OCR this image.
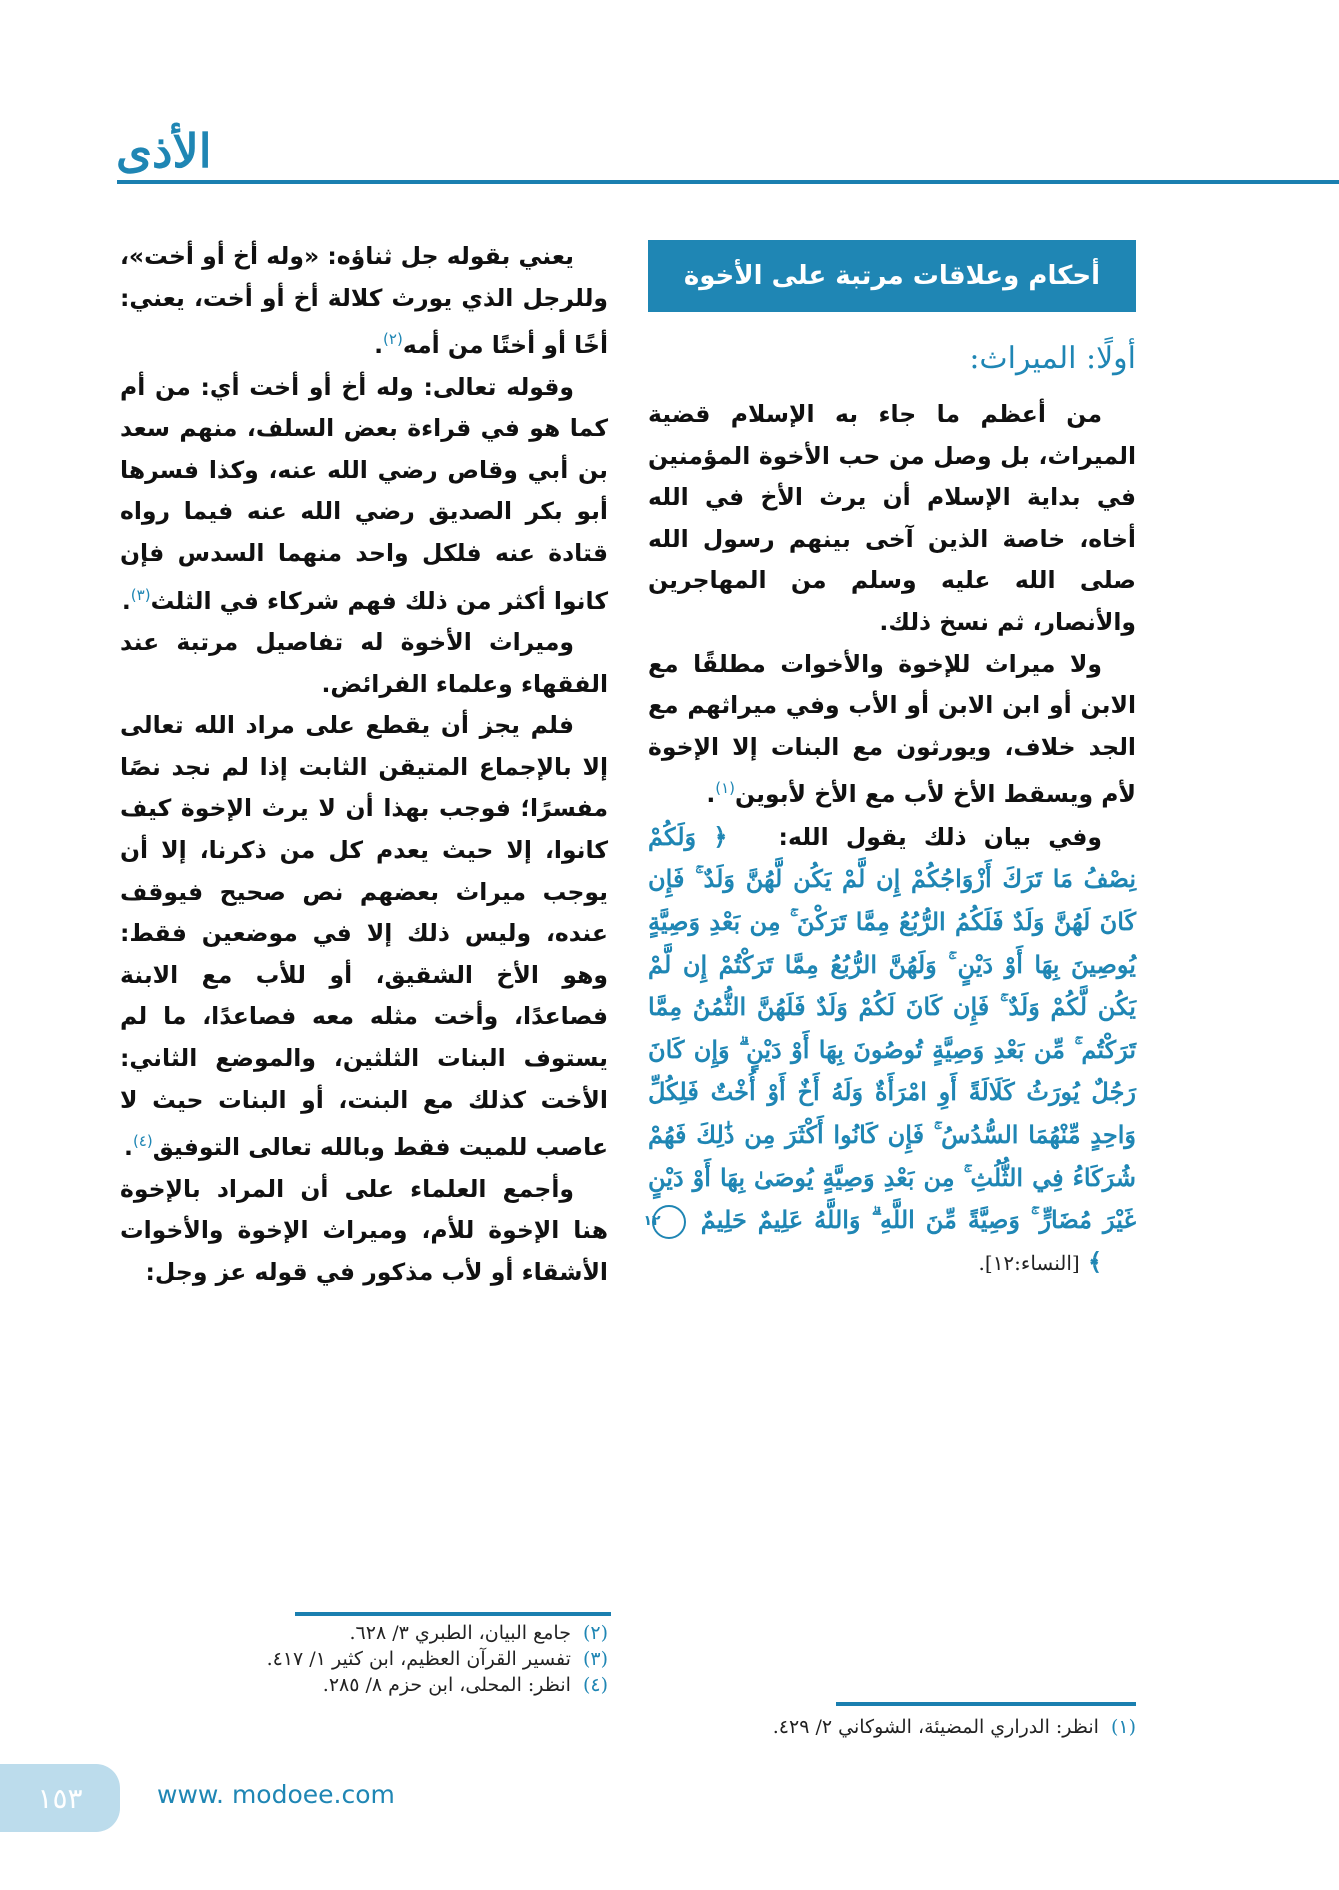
الأذى
أحكام وعلاقات مرتبة على الأخوة
أولًا: الميراث:

من أعظم ما جاء به الإسلام قضية الميراث، بل وصل من حب الأخوة المؤمنين في بداية الإسلام أن يرث الأخ في الله أخاه، خاصة الذين آخى بينهم رسول الله صلى الله عليه وسلم من المهاجرين والأنصار، ثم نسخ ذلك.

ولا ميراث للإخوة والأخوات مطلقًا مع الابن أو ابن الابن أو الأب وفي ميراثهم مع الجد خلاف، ويورثون مع البنات إلا الإخوة لأم ويسقط الأخ لأب مع الأخ لأبوين$^{(١)}$.

وفي بيان ذلك يقول الله: ﴿ وَلَكُمْ نِصْفُ مَا تَرَكَ أَزْوَاجُكُمْ إِن لَّمْ يَكُن لَّهُنَّ وَلَدٌ ۚ فَإِن كَانَ لَهُنَّ وَلَدٌ فَلَكُمُ الرُّبُعُ مِمَّا تَرَكْنَ ۚ مِن بَعْدِ وَصِيَّةٍ يُوصِينَ بِهَا أَوْ دَيْنٍ ۚ وَلَهُنَّ الرُّبُعُ مِمَّا تَرَكْتُمْ إِن لَّمْ يَكُن لَّكُمْ وَلَدٌ ۚ فَإِن كَانَ لَكُمْ وَلَدٌ فَلَهُنَّ الثُّمُنُ مِمَّا تَرَكْتُم ۚ مِّن بَعْدِ وَصِيَّةٍ تُوصُونَ بِهَا أَوْ دَيْنٍ ۗ وَإِن كَانَ رَجُلٌ يُورَثُ كَلَالَةً أَوِ امْرَأَةٌ وَلَهُ أَخٌ أَوْ أُخْتٌ فَلِكُلِّ وَاحِدٍ مِّنْهُمَا السُّدُسُ ۚ فَإِن كَانُوا أَكْثَرَ مِن ذَٰلِكَ فَهُمْ شُرَكَاءُ فِي الثُّلُثِ ۚ مِن بَعْدِ وَصِيَّةٍ يُوصَىٰ بِهَا أَوْ دَيْنٍ غَيْرَ مُضَارٍّ ۚ وَصِيَّةً مِّنَ اللَّهِ ۗ وَاللَّهُ عَلِيمٌ حَلِيمٌ ١٢ ﴾ [النساء:١٢].

(١)انظر: الدراري المضيئة، الشوكاني ٢/ ٤٢٩.

يعني بقوله جل ثناؤه: «وله أخ أو أخت»، وللرجل الذي يورث كلالة أخ أو أخت، يعني: أخًا أو أختًا من أمه$^{(٢)}$.

وقوله تعالى: وله أخ أو أخت أي: من أم كما هو في قراءة بعض السلف، منهم سعد بن أبي وقاص رضي الله عنه، وكذا فسرها أبو بكر الصديق رضي الله عنه فيما رواه قتادة عنه فلكل واحد منهما السدس فإن كانوا أكثر من ذلك فهم شركاء في الثلث$^{(٣)}$.

وميراث الأخوة له تفاصيل مرتبة عند الفقهاء وعلماء الفرائض.

فلم يجز أن يقطع على مراد الله تعالى إلا بالإجماع المتيقن الثابت إذا لم نجد نصًا مفسرًا؛ فوجب بهذا أن لا يرث الإخوة كيف كانوا، إلا حيث يعدم كل من ذكرنا، إلا أن يوجب ميراث بعضهم نص صحيح فيوقف عنده، وليس ذلك إلا في موضعين فقط: وهو الأخ الشقيق، أو للأب مع الابنة فصاعدًا، وأخت مثله معه فصاعدًا، ما لم يستوف البنات الثلثين، والموضع الثاني: الأخت كذلك مع البنت، أو البنات حيث لا عاصب للميت فقط وبالله تعالى التوفيق$^{(٤)}$.

وأجمع العلماء على أن المراد بالإخوة هنا الإخوة للأم، وميراث الإخوة والأخوات الأشقاء أو لأب مذكور في قوله عز وجل:

(٢)جامع البيان، الطبري ٣/ ٦٢٨.
(٣)تفسير القرآن العظيم، ابن كثير ١/ ٤١٧.
(٤)انظر: المحلى، ابن حزم ٨/ ٢٨٥.
١٥٣	www. modoee.com
